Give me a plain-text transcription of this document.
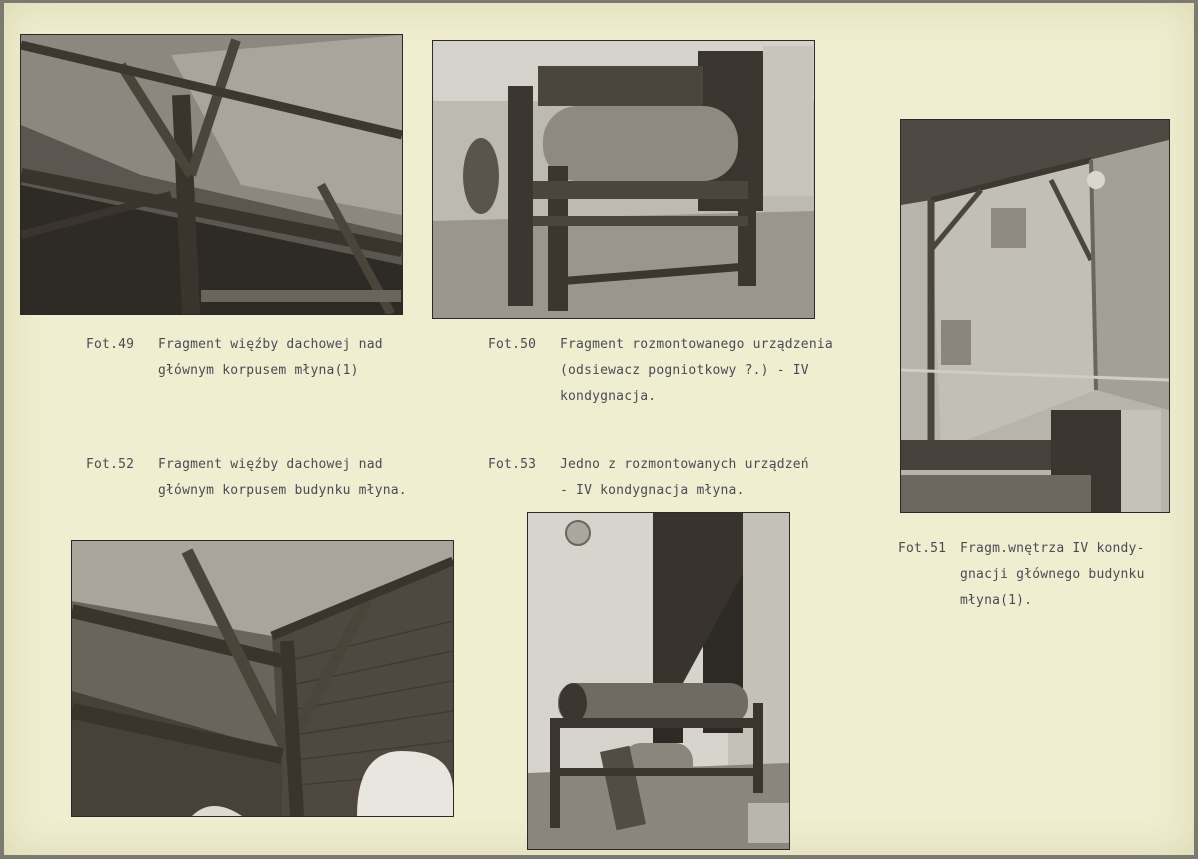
Fot.49 Fragment więźby dachowej nad
głównym korpusem młyna(1)
Fot.50 Fragment rozmontowanego urządzenia
(odsiewacz pogniotkowy ?.) - IV
kondygnacja.
Fot.52 Fragment więźby dachowej nad
głównym korpusem budynku młyna.
Fot.53 Jedno z rozmontowanych urządzeń
- IV kondygnacja młyna.
Fot.51 Fragm.wnętrza IV kondy-
gnacji głównego budynku
młyna(1).
